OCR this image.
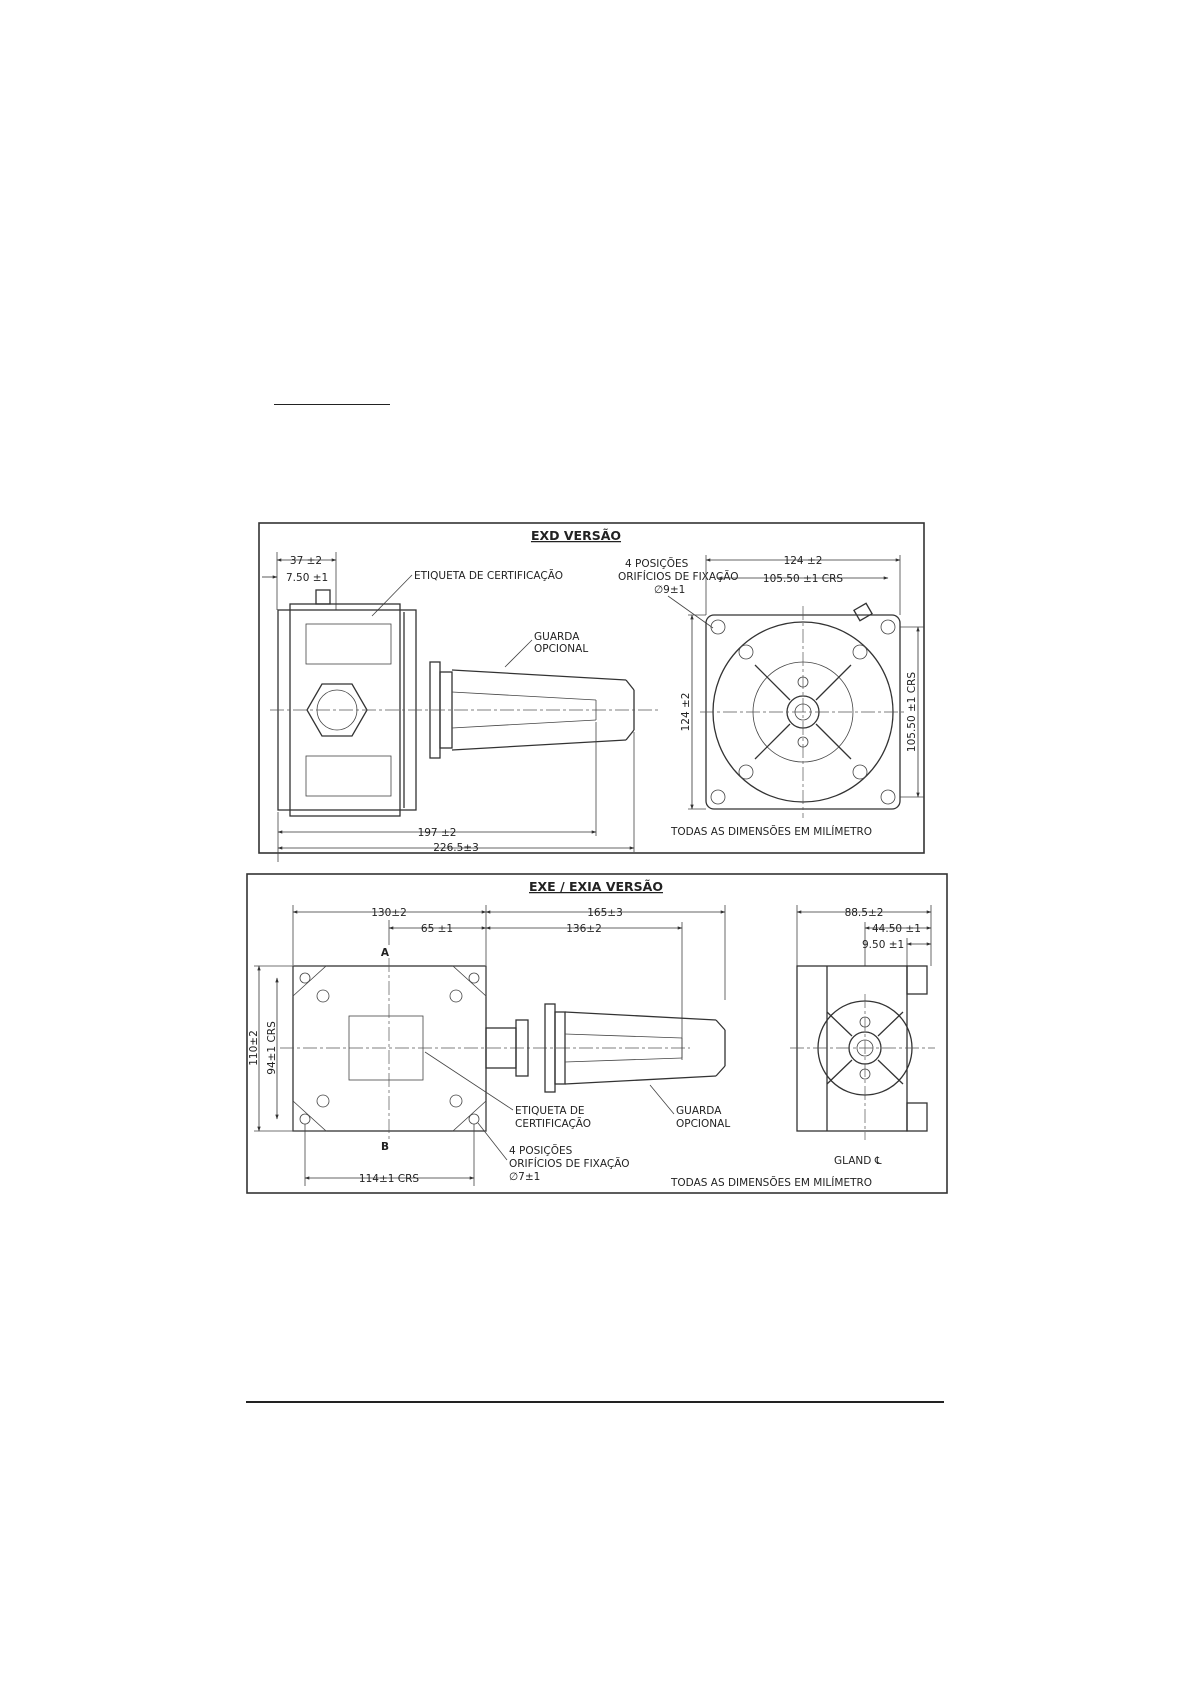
EXD VERSÃO
37 ±2
7.50 ±1	ETIQUETA DE CERTIFICAÇÃO
GUARDA
OPCIONAL
197 ±2
226.5±3
4 POSIÇÕES
ORIFÍCIOS DE FIXAÇÃO
∅9±1
124 ±2
105.50 ±1 CRS
124 ±2	105.50 ±1 CRS
TODAS AS DIMENSÕES EM MILÍMETRO
EXE / EXIA VERSÃO
130±2
65 ±1
165±3
136±2
A
ETIQUETA DE
CERTIFICAÇÃO
GUARDA
OPCIONAL
B
110±2 94±1 CRS
114±1 CRS
4 POSIÇÕES
ORIFÍCIOS DE FIXAÇÃO
∅7±1
88.5±2
44.50 ±1
9.50 ±1
GLAND ℄
TODAS AS DIMENSÕES EM MILÍMETRO
